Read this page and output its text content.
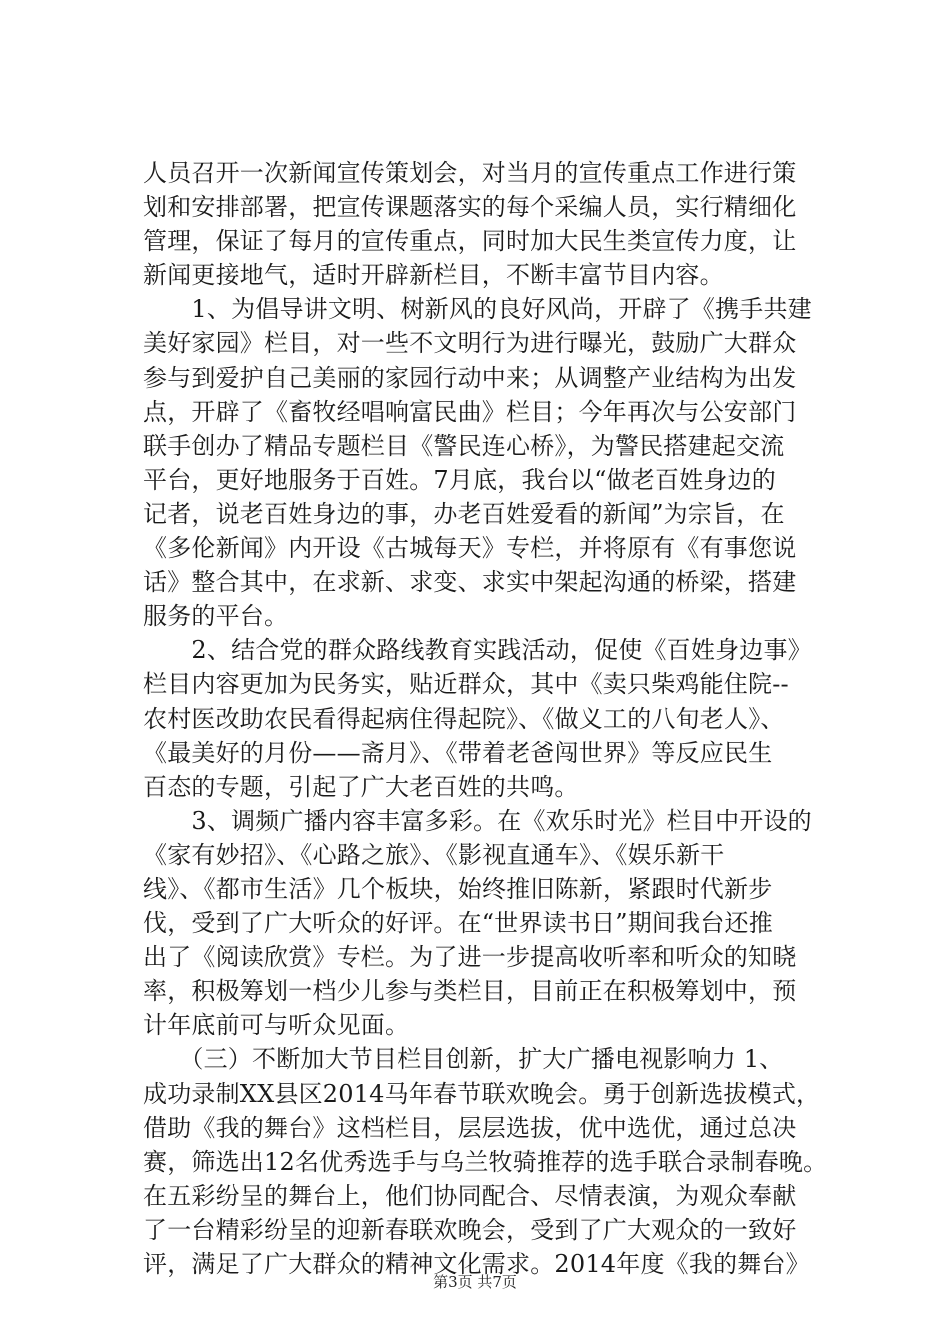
人员召开一次新闻宣传策划会，对当月的宣传重点工作进行策
划和安排部署，把宣传课题落实的每个采编人员，实行精细化
管理，保证了每月的宣传重点，同时加大民生类宣传力度，让
新闻更接地气，适时开辟新栏目，不断丰富节目内容。
　　1、为倡导讲文明、树新风的良好风尚，开辟了《携手共建
美好家园》栏目，对一些不文明行为进行曝光，鼓励广大群众
参与到爱护自己美丽的家园行动中来；从调整产业结构为出发
点，开辟了《畜牧经唱响富民曲》栏目；今年再次与公安部门
联手创办了精品专题栏目《警民连心桥》，为警民搭建起交流
平台，更好地服务于百姓。7月底，我台以“做老百姓身边的
记者，说老百姓身边的事，办老百姓爱看的新闻”为宗旨，在
《多伦新闻》内开设《古城每天》专栏，并将原有《有事您说
话》整合其中，在求新、求变、求实中架起沟通的桥梁，搭建
服务的平台。
　　2、结合党的群众路线教育实践活动，促使《百姓身边事》
栏目内容更加为民务实，贴近群众，其中《卖只柴鸡能住院--
农村医改助农民看得起病住得起院》、《做义工的八旬老人》、
《最美好的月份——斋月》、《带着老爸闯世界》等反应民生
百态的专题，引起了广大老百姓的共鸣。
　　3、调频广播内容丰富多彩。在《欢乐时光》栏目中开设的
《家有妙招》、《心路之旅》、《影视直通车》、《娱乐新干
线》、《都市生活》几个板块，始终推旧陈新，紧跟时代新步
伐，受到了广大听众的好评。在“世界读书日”期间我台还推
出了《阅读欣赏》专栏。为了进一步提高收听率和听众的知晓
率，积极筹划一档少儿参与类栏目，目前正在积极筹划中，预
计年底前可与听众见面。
　　（三）不断加大节目栏目创新，扩大广播电视影响力 1、
成功录制XX县区2014马年春节联欢晚会。勇于创新选拔模式，
借助《我的舞台》这档栏目，层层选拔，优中选优，通过总决
赛，筛选出12名优秀选手与乌兰牧骑推荐的选手联合录制春晚。
在五彩纷呈的舞台上，他们协同配合、尽情表演，为观众奉献
了一台精彩纷呈的迎新春联欢晚会，受到了广大观众的一致好
评，满足了广大群众的精神文化需求。2014年度《我的舞台》
第3页 共7页
